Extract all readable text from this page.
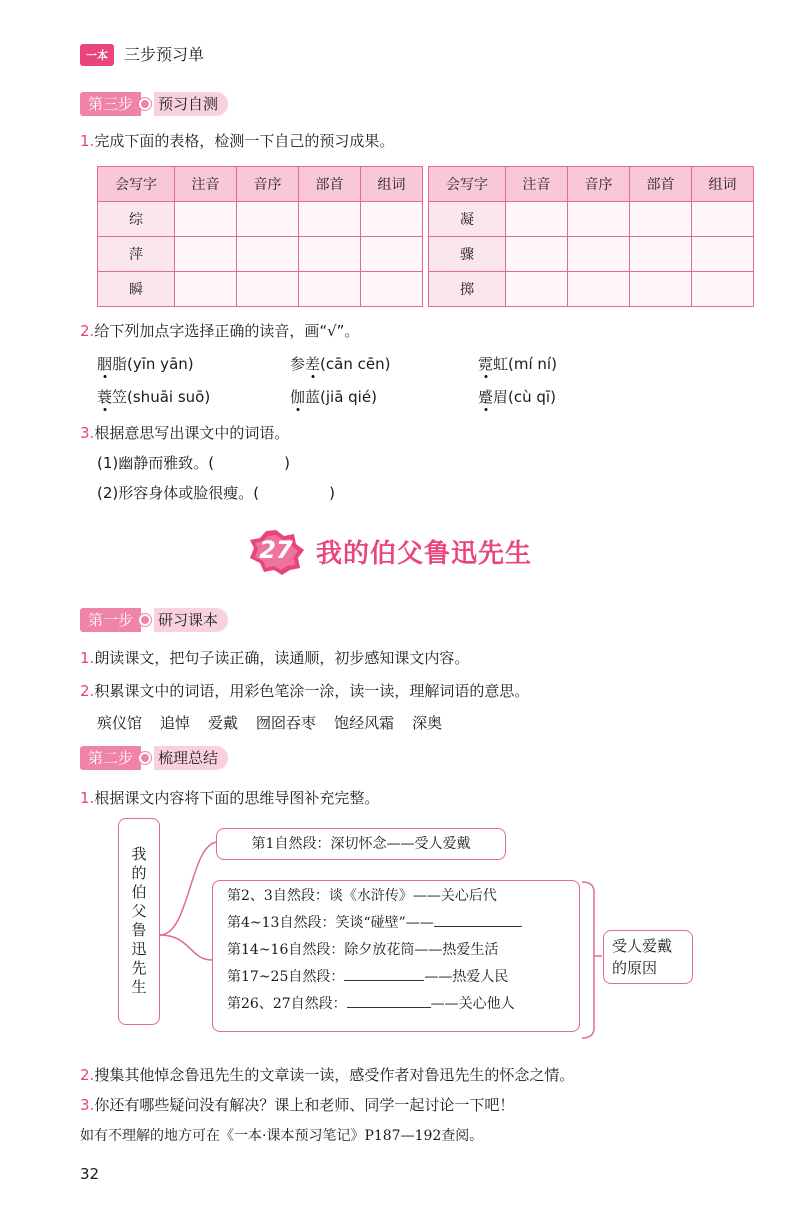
一本	三步预习单
第三步	预习自测
1.完成下面的表格，检测一下自己的预习成果。
会写字	注音	音序	部首	组词		会写字	注音	音序	部首	组词
综						凝				
萍						骤				
瞬						掷				
2.给下列加点字选择正确的读音，画“√”。
胭脂(yīn yān)	参差(cān cēn)	霓虹(mí ní)
蓑笠(shuāi suō)	伽蓝(jiā qié)	蹙眉(cù qī)
3.根据意思写出课文中的词语。
(1)幽静而雅致。(	)
(2)形容身体或脸很瘦。(	)
27 我的伯父鲁迅先生
第一步	研习课本
1.朗读课文，把句子读正确，读通顺，初步感知课文内容。
2.积累课文中的词语，用彩色笔涂一涂，读一读，理解词语的意思。
殡仪馆 追悼 爱戴 囫囵吞枣 饱经风霜 深奥
第二步	梳理总结
1.根据课文内容将下面的思维导图补充完整。
我的伯父鲁迅先生
第1自然段：深切怀念——受人爱戴
第2、3自然段：谈《水浒传》——关心后代
第4~13自然段：笑谈“碰壁”——
第14~16自然段：除夕放花筒——热爱生活
第17~25自然段：	——热爱人民
第26、27自然段：	——关心他人
受人爱戴的原因
2.搜集其他悼念鲁迅先生的文章读一读，感受作者对鲁迅先生的怀念之情。
3.你还有哪些疑问没有解决？课上和老师、同学一起讨论一下吧！
如有不理解的地方可在《一本·课本预习笔记》P187—192查阅。
32
